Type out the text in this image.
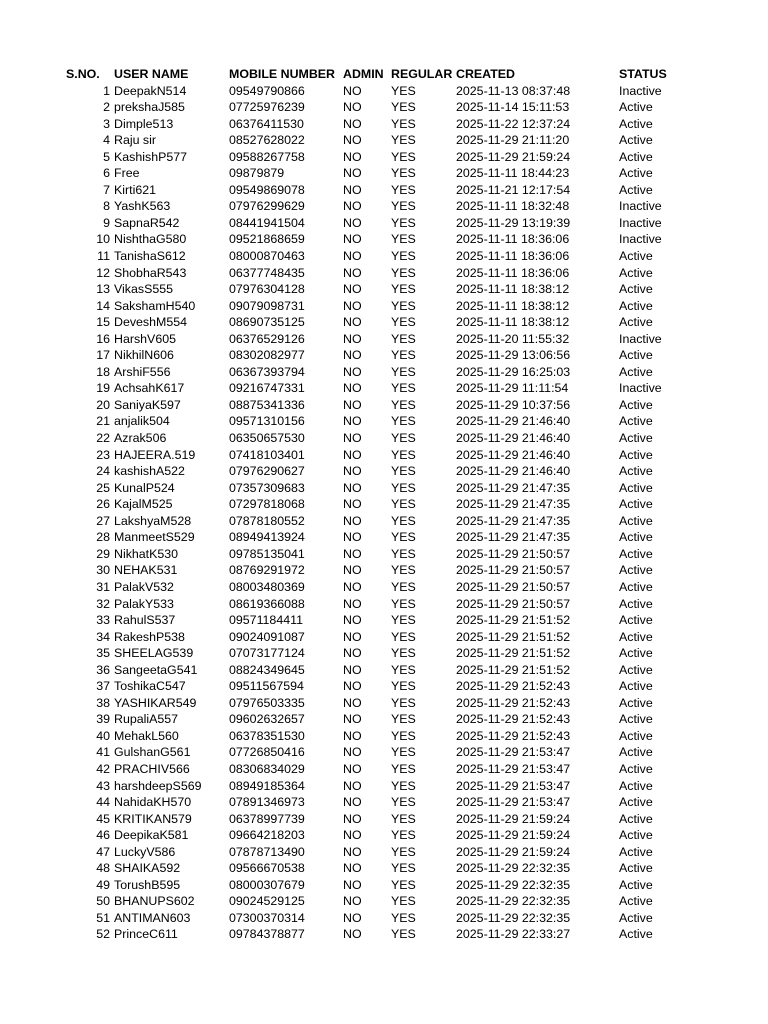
S.NO. USER NAME	MOBILE NUMBER ADMIN REGULAR CREATED	STATUS
1 DeepakN514	09549790866	NO YES	2025-11-13 08:37:48	Inactive
2 prekshaJ585	07725976239	NO YES	2025-11-14 15:11:53	Active
3 Dimple513	06376411530	NO YES	2025-11-22 12:37:24	Active
4 Raju sir	08527628022	NO YES	2025-11-29 21:11:20	Active
5 KashishP577	09588267758	NO YES	2025-11-29 21:59:24	Active
6 Free	09879879	NO YES	2025-11-11 18:44:23	Active
7 Kirti621	09549869078	NO YES	2025-11-21 12:17:54	Active
8 YashK563	07976299629	NO YES	2025-11-11 18:32:48	Inactive
9 SapnaR542	08441941504	NO YES	2025-11-29 13:19:39	Inactive
10 NishthaG580	09521868659	NO YES	2025-11-11 18:36:06	Inactive
11 TanishaS612	08000870463	NO YES	2025-11-11 18:36:06	Active
12 ShobhaR543	06377748435	NO YES	2025-11-11 18:36:06	Active
13 VikasS555	07976304128	NO YES	2025-11-11 18:38:12	Active
14 SakshamH540	09079098731	NO YES	2025-11-11 18:38:12	Active
15 DeveshM554	08690735125	NO YES	2025-11-11 18:38:12	Active
16 HarshV605	06376529126	NO YES	2025-11-20 11:55:32	Inactive
17 NikhilN606	08302082977	NO YES	2025-11-29 13:06:56	Active
18 ArshiF556	06367393794	NO YES	2025-11-29 16:25:03	Active
19 AchsahK617	09216747331	NO YES	2025-11-29 11:11:54	Inactive
20 SaniyaK597	08875341336	NO YES	2025-11-29 10:37:56	Active
21 anjalik504	09571310156	NO YES	2025-11-29 21:46:40	Active
22 Azrak506	06350657530	NO YES	2025-11-29 21:46:40	Active
23 HAJEERA.519	07418103401	NO YES	2025-11-29 21:46:40	Active
24 kashishA522	07976290627	NO YES	2025-11-29 21:46:40	Active
25 KunalP524	07357309683	NO YES	2025-11-29 21:47:35	Active
26 KajalM525	07297818068	NO YES	2025-11-29 21:47:35	Active
27 LakshyaM528	07878180552	NO YES	2025-11-29 21:47:35	Active
28 ManmeetS529	08949413924	NO YES	2025-11-29 21:47:35	Active
29 NikhatK530	09785135041	NO YES	2025-11-29 21:50:57	Active
30 NEHAK531	08769291972	NO YES	2025-11-29 21:50:57	Active
31 PalakV532	08003480369	NO YES	2025-11-29 21:50:57	Active
32 PalakY533	08619366088	NO YES	2025-11-29 21:50:57	Active
33 RahulS537	09571184411	NO YES	2025-11-29 21:51:52	Active
34 RakeshP538	09024091087	NO YES	2025-11-29 21:51:52	Active
35 SHEELAG539	07073177124	NO YES	2025-11-29 21:51:52	Active
36 SangeetaG541	08824349645	NO YES	2025-11-29 21:51:52	Active
37 ToshikaC547	09511567594	NO YES	2025-11-29 21:52:43	Active
38 YASHIKAR549	07976503335	NO YES	2025-11-29 21:52:43	Active
39 RupaliA557	09602632657	NO YES	2025-11-29 21:52:43	Active
40 MehakL560	06378351530	NO YES	2025-11-29 21:52:43	Active
41 GulshanG561	07726850416	NO YES	2025-11-29 21:53:47	Active
42 PRACHIV566	08306834029	NO YES	2025-11-29 21:53:47	Active
43 harshdeepS569 08949185364	NO YES	2025-11-29 21:53:47	Active
44 NahidaKH570	07891346973	NO YES	2025-11-29 21:53:47	Active
45 KRITIKAN579	06378997739	NO YES	2025-11-29 21:59:24	Active
46 DeepikaK581	09664218203	NO YES	2025-11-29 21:59:24	Active
47 LuckyV586	07878713490	NO YES	2025-11-29 21:59:24	Active
48 SHAIKA592	09566670538	NO YES	2025-11-29 22:32:35	Active
49 TorushB595	08000307679	NO YES	2025-11-29 22:32:35	Active
50 BHANUPS602	09024529125	NO YES	2025-11-29 22:32:35	Active
51 ANTIMAN603	07300370314	NO YES	2025-11-29 22:32:35	Active
52 PrinceC611	09784378877	NO YES	2025-11-29 22:33:27	Active
